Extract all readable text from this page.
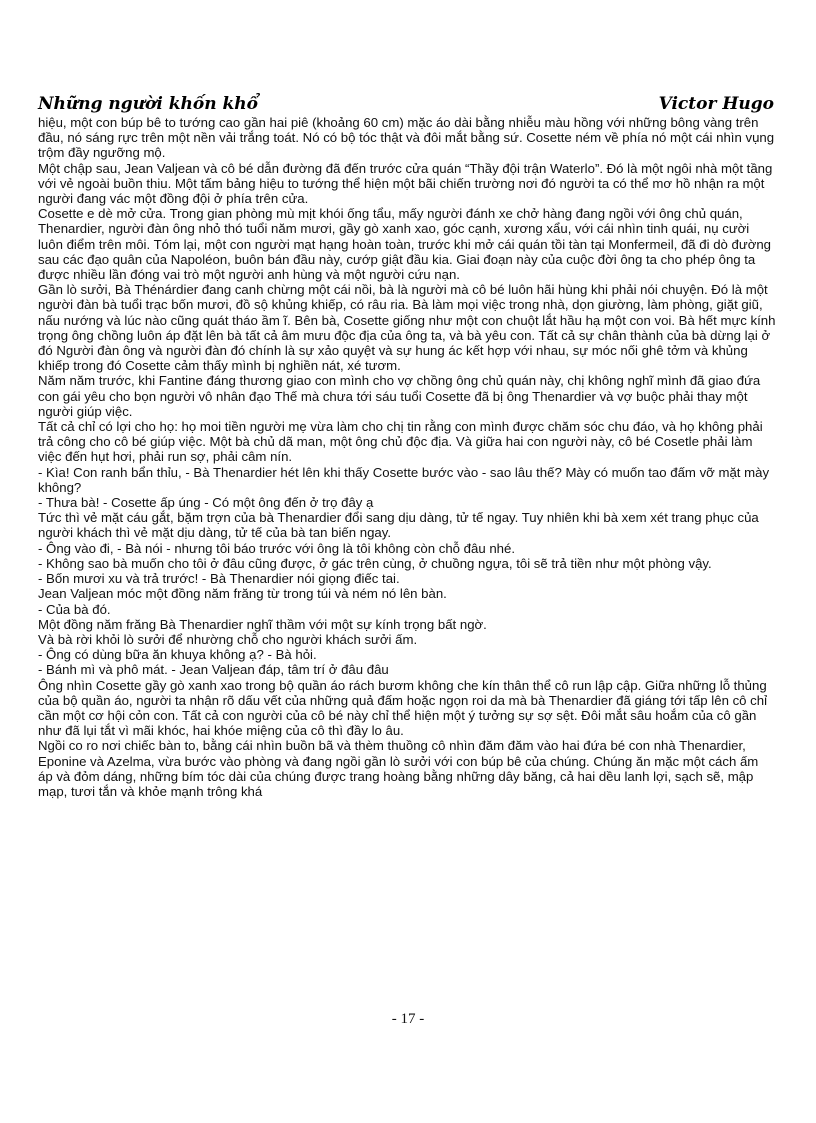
Những người khốn khổ	Victor Hugo

hiệu, một con búp bê to tướng cao gần hai piê (khoảng 60 cm) mặc áo dài bằng nhiễu màu hồng với những bông vàng trên đầu, nó sáng rực trên một nền vải trắng toát. Nó có bộ tóc thật và đôi mắt bằng sứ. Cosette ném về phía nó một cái nhìn vụng trộm đầy ngưỡng mộ.

Một chập sau, Jean Valjean và cô bé dẫn đường đã đến trước cửa quán “Thầy đội trận Waterlo”. Đó là một ngôi nhà một tầng với vẻ ngoài buồn thiu. Một tấm bảng hiệu to tướng thể hiện một bãi chiến trường nơi đó người ta có thể mơ hồ nhận ra một người đang vác một đồng đội ở phía trên cửa.

Cosette e dè mở cửa. Trong gian phòng mù mịt khói ống tẩu, mấy người đánh xe chở hàng đang ngồi với ông chủ quán, Thenardier, người đàn ông nhỏ thó tuổi năm mươi, gầy gò xanh xao, góc cạnh, xương xẩu, với cái nhìn tinh quái, nụ cười luôn điểm trên môi. Tóm lại, một con người mạt hạng hoàn toàn, trước khi mở cái quán tồi tàn tại Monfermeil, đã đi dò đường sau các đạo quân của Napoléon, buôn bán đầu này, cướp giật đầu kia. Giai đoạn này của cuộc đời ông ta cho phép ông ta được nhiều lần đóng vai trò một người anh hùng và một người cứu nạn.

Gần lò sưởi, Bà Thénárdier đang canh chừng một cái nồi, bà là người mà cô bé luôn hãi hùng khi phải nói chuyện. Đó là một người đàn bà tuổi trạc bốn mươi, đồ sộ khủng khiếp, có râu ria. Bà làm mọi việc trong nhà, dọn giường, làm phòng, giặt giũ, nấu nướng và lúc nào cũng quát tháo ầm ĩ. Bên bà, Cosette giống như một con chuột lắt hầu hạ một con voi. Bà hết mực kính trọng ông chồng luôn áp đặt lên bà tất cả âm mưu độc địa của ông ta, và bà yêu con. Tất cả sự chân thành của bà dừng lại ở đó Người đàn ông và người đàn đó chính là sự xảo quyệt và sự hung ác kết hợp với nhau, sự móc nối ghê tởm và khủng khiếp trong đó Cosette cảm thấy mình bị nghiền nát, xé tươm.

Năm năm trước, khi Fantine đáng thương giao con mình cho vợ chồng ông chủ quán này, chị không nghĩ mình đã giao đứa con gái yêu cho bọn người vô nhân đạo Thế mà chưa tới sáu tuổi Cosette đã bị ông Thenardier và vợ buộc phải thay một người giúp việc.

Tất cả chỉ có lợi cho họ: họ moi tiền người mẹ vừa làm cho chị tin rằng con mình được chăm sóc chu đáo, và họ không phải trả công cho cô bé giúp việc. Một bà chủ dã man, một ông chủ độc địa. Và giữa hai con người này, cô bé Cosetle phải làm việc đến hụt hơi, phải run sợ, phải câm nín.

- Kìa! Con ranh bẩn thỉu, - Bà Thenardier hét lên khi thấy Cosette bước vào - sao lâu thế? Mày có muốn tao đấm vỡ mặt mày không?

- Thưa bà! - Cosette ấp úng - Có một ông đến ở trọ đây ạ

Tức thì vẻ mặt cáu gắt, bặm trợn của bà Thenardier đổi sang dịu dàng, tử tế ngay. Tuy nhiên khi bà xem xét trang phục của người khách thì vẻ mặt dịu dàng, tử tế của bà tan biến ngay.

- Ông vào đi, - Bà nói - nhưng tôi báo trước với ông là tôi không còn chỗ đâu nhé.

- Không sao bà muốn cho tôi ở đâu cũng được, ở gác trên cùng, ở chuồng ngựa, tôi sẽ trả tiền như một phòng vậy.

- Bốn mươi xu và trả trước! - Bà Thenardier nói giọng điếc tai.

Jean Valjean móc một đồng năm frăng từ trong túi và ném nó lên bàn.

- Của bà đó.

Một đồng năm frăng Bà Thenardier nghĩ thầm với một sự kính trọng bất ngờ.

Và bà rời khỏi lò sưởi để nhường chỗ cho người khách sưởi ấm.

- Ông có dùng bữa ăn khuya không ạ? - Bà hỏi.

- Bánh mì và phô mát. - Jean Valjean đáp, tâm trí ở đâu đâu

Ông nhìn Cosette gầy gò xanh xao trong bộ quần áo rách bươm không che kín thân thể cô run lập cập. Giữa những lỗ thủng của bộ quần áo, người ta nhận rõ dấu vết của những quả đấm hoặc ngọn roi da mà bà Thenardier đã giáng tới tấp lên cô chỉ cần một cơ hội cỏn con. Tất cả con người của cô bé này chỉ thể hiện một ý tưởng sự sợ sệt. Đôi mắt sâu hoắm của cô gần như đã lụi tắt vì mãi khóc, hai khóe miệng của cô thì đầy lo âu.

Ngồi co ro nơi chiếc bàn to, bằng cái nhìn buồn bã và thèm thuồng cô nhìn đăm đăm vào hai đứa bé con nhà Thenardier, Eponine và Azelma, vừa bước vào phòng và đang ngồi gần lò sưởi với con búp bê của chúng. Chúng ăn mặc một cách ấm áp và đỏm dáng, những bím tóc dài của chúng được trang hoàng bằng những dây băng, cả hai dều lanh lợi, sạch sẽ, mập mạp, tươi tắn và khỏe mạnh trông khá

- 17 -
